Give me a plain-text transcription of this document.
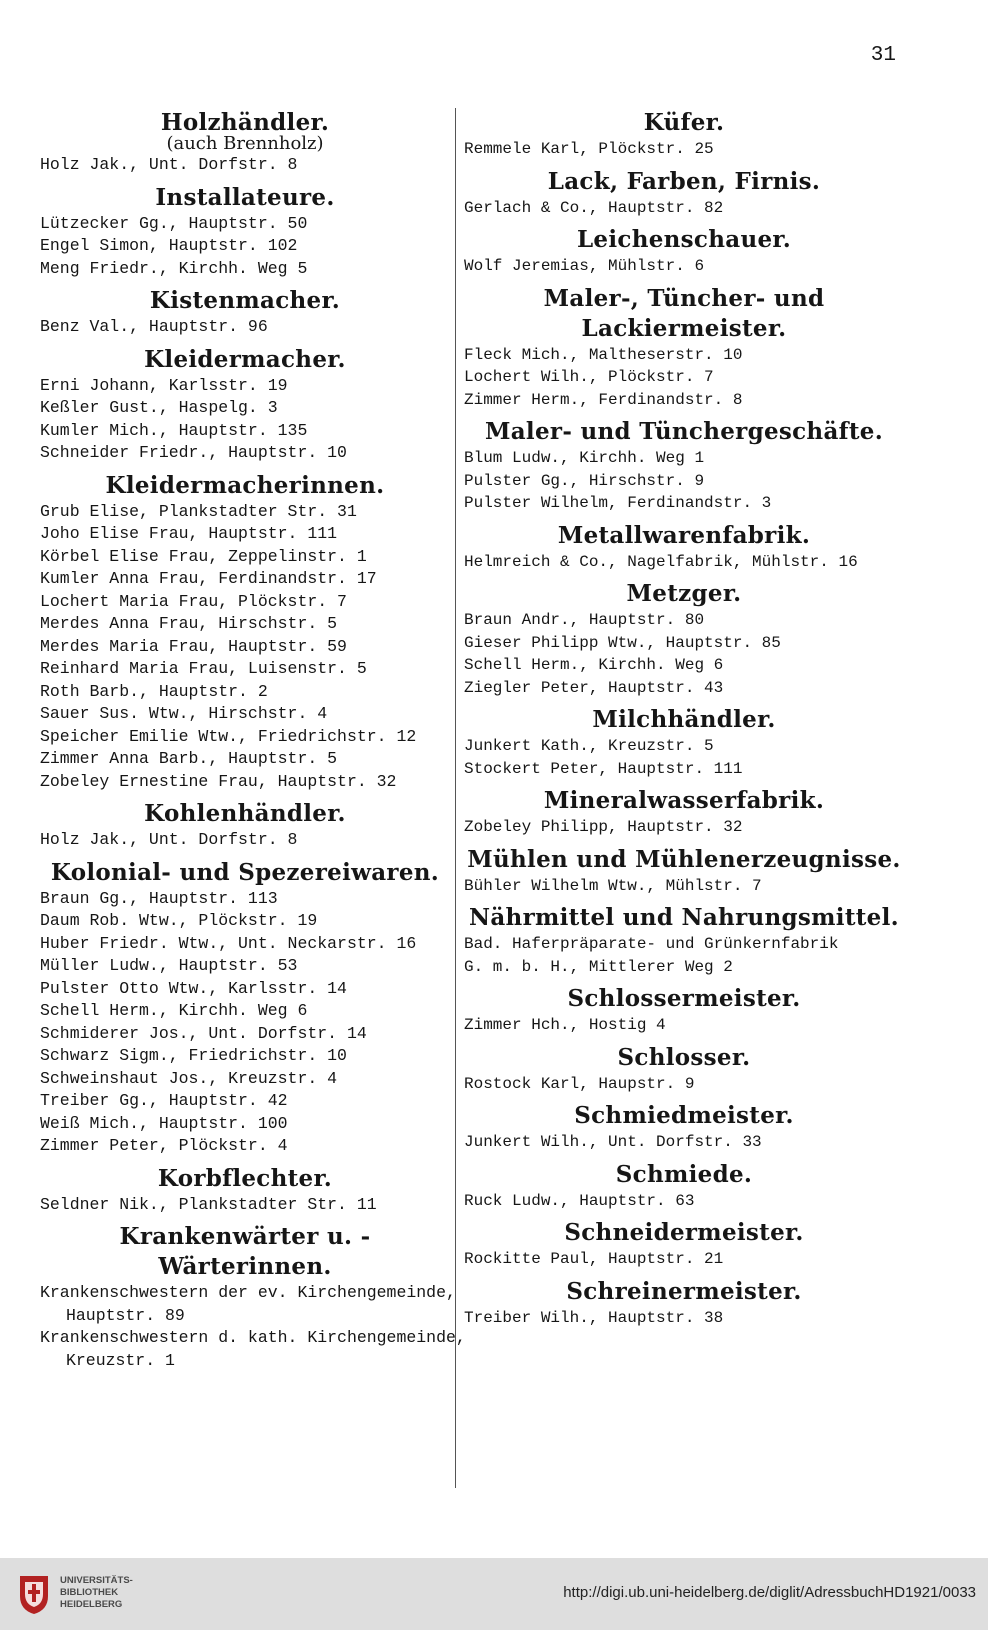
31
Holzhändler.
(auch Brennholz)
Holz Jak., Unt. Dorfstr. 8
Installateure.
Lützecker Gg., Hauptstr. 50
Engel Simon, Hauptstr. 102
Meng Friedr., Kirchh. Weg 5
Kistenmacher.
Benz Val., Hauptstr. 96
Kleidermacher.
Erni Johann, Karlsstr. 19
Keßler Gust., Haspelg. 3
Kumler Mich., Hauptstr. 135
Schneider Friedr., Hauptstr. 10
Kleidermacherinnen.
Grub Elise, Plankstadter Str. 31
Joho Elise Frau, Hauptstr. 111
Körbel Elise Frau, Zeppelinstr. 1
Kumler Anna Frau, Ferdinandstr. 17
Lochert Maria Frau, Plöckstr. 7
Merdes Anna Frau, Hirschstr. 5
Merdes Maria Frau, Hauptstr. 59
Reinhard Maria Frau, Luisenstr. 5
Roth Barb., Hauptstr. 2
Sauer Sus. Wtw., Hirschstr. 4
Speicher Emilie Wtw., Friedrichstr. 12
Zimmer Anna Barb., Hauptstr. 5
Zobeley Ernestine Frau, Hauptstr. 32
Kohlenhändler.
Holz Jak., Unt. Dorfstr. 8
Kolonial- und Spezereiwaren.
Braun Gg., Hauptstr. 113
Daum Rob. Wtw., Plöckstr. 19
Huber Friedr. Wtw., Unt. Neckarstr. 16
Müller Ludw., Hauptstr. 53
Pulster Otto Wtw., Karlsstr. 14
Schell Herm., Kirchh. Weg 6
Schmiderer Jos., Unt. Dorfstr. 14
Schwarz Sigm., Friedrichstr. 10
Schweinshaut Jos., Kreuzstr. 4
Treiber Gg., Hauptstr. 42
Weiß Mich., Hauptstr. 100
Zimmer Peter, Plöckstr. 4
Korbflechter.
Seldner Nik., Plankstadter Str. 11
Krankenwärter u. -Wärterinnen.
Krankenschwestern der ev. Kirchengemeinde,
Hauptstr. 89
Krankenschwestern d. kath. Kirchengemeinde,
Kreuzstr. 1
Küfer.
Remmele Karl, Plöckstr. 25
Lack, Farben, Firnis.
Gerlach & Co., Hauptstr. 82
Leichenschauer.
Wolf Jeremias, Mühlstr. 6
Maler-, Tüncher- und Lackiermeister.
Fleck Mich., Maltheserstr. 10
Lochert Wilh., Plöckstr. 7
Zimmer Herm., Ferdinandstr. 8
Maler- und Tünchergeschäfte.
Blum Ludw., Kirchh. Weg 1
Pulster Gg., Hirschstr. 9
Pulster Wilhelm, Ferdinandstr. 3
Metallwarenfabrik.
Helmreich & Co., Nagelfabrik, Mühlstr. 16
Metzger.
Braun Andr., Hauptstr. 80
Gieser Philipp Wtw., Hauptstr. 85
Schell Herm., Kirchh. Weg 6
Ziegler Peter, Hauptstr. 43
Milchhändler.
Junkert Kath., Kreuzstr. 5
Stockert Peter, Hauptstr. 111
Mineralwasserfabrik.
Zobeley Philipp, Hauptstr. 32
Mühlen und Mühlenerzeugnisse.
Bühler Wilhelm Wtw., Mühlstr. 7
Nährmittel und Nahrungsmittel.
Bad. Haferpräparate- und Grünkernfabrik
G. m. b. H., Mittlerer Weg 2
Schlossermeister.
Zimmer Hch., Hostig 4
Schlosser.
Rostock Karl, Haupstr. 9
Schmiedmeister.
Junkert Wilh., Unt. Dorfstr. 33
Schmiede.
Ruck Ludw., Hauptstr. 63
Schneidermeister.
Rockitte Paul, Hauptstr. 21
Schreinermeister.
Treiber Wilh., Hauptstr. 38
UNIVERSITÄTS-
BIBLIOTHEK
HEIDELBERG
http://digi.ub.uni-heidelberg.de/diglit/AdressbuchHD1921/0033
